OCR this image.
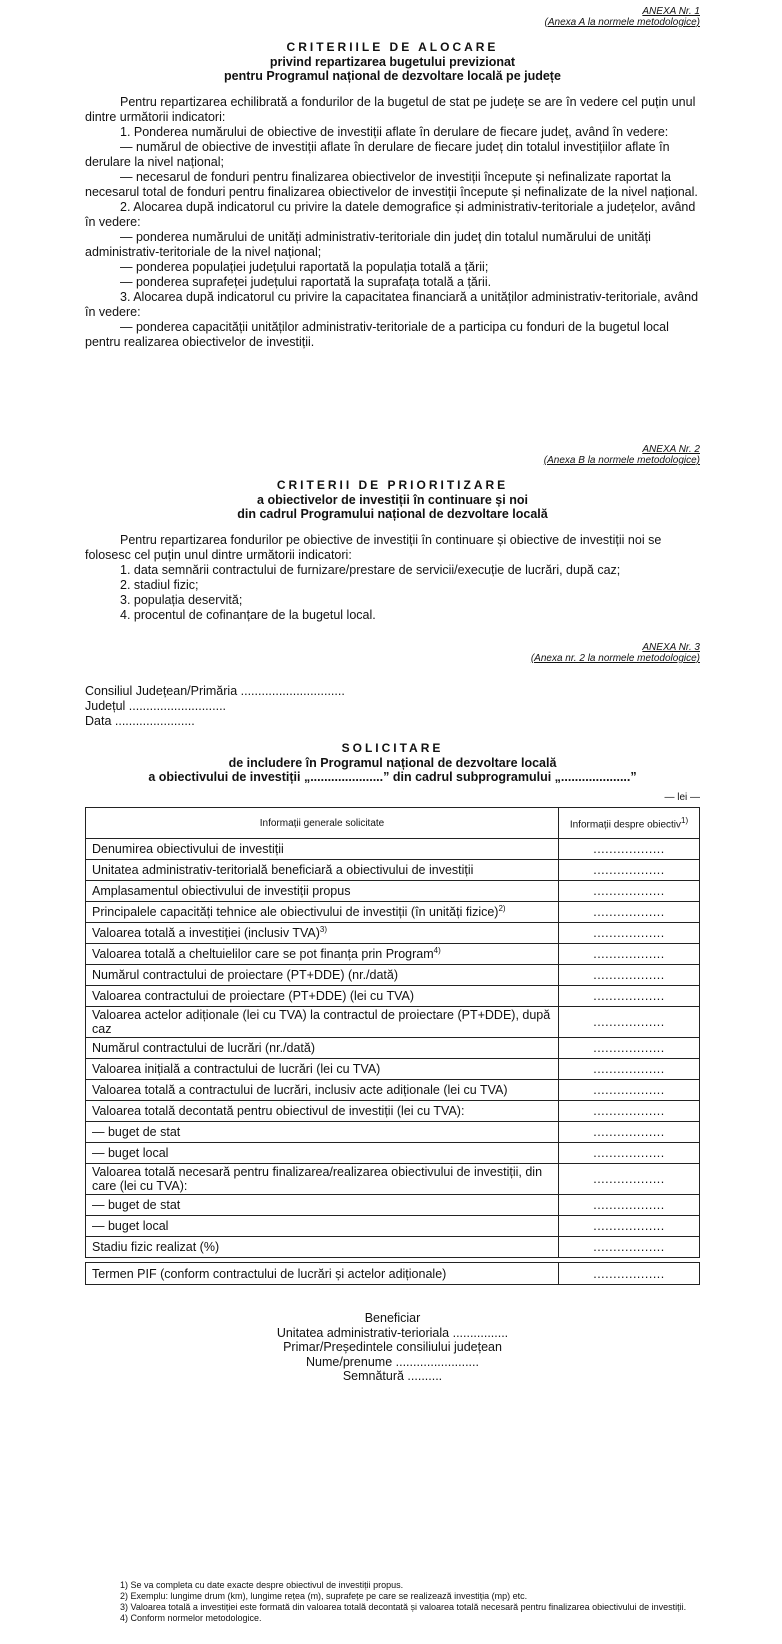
ANEXA Nr. 1
(Anexa A la normele metodologice)
CRITERIILE DE ALOCARE
privind repartizarea bugetului previzionat
pentru Programul național de dezvoltare locală pe județe

Pentru repartizarea echilibrată a fondurilor de la bugetul de stat pe județe se are în vedere cel puțin unul dintre următorii indicatori:

1. Ponderea numărului de obiective de investiții aflate în derulare de fiecare județ, având în vedere:

— numărul de obiective de investiții aflate în derulare de fiecare județ din totalul investițiilor aflate în derulare la nivel național;

— necesarul de fonduri pentru finalizarea obiectivelor de investiții începute și nefinalizate raportat la necesarul total de fonduri pentru finalizarea obiectivelor de investiții începute și nefinalizate de la nivel național.

2. Alocarea după indicatorul cu privire la datele demografice și administrativ-teritoriale a județelor, având în vedere:

— ponderea numărului de unități administrativ-teritoriale din județ din totalul numărului de unități administrativ-teritoriale de la nivel național;

— ponderea populației județului raportată la populația totală a țării;

— ponderea suprafeței județului raportată la suprafața totală a țării.

3. Alocarea după indicatorul cu privire la capacitatea financiară a unităților administrativ-teritoriale, având în vedere:

— ponderea capacității unităților administrativ-teritoriale de a participa cu fonduri de la bugetul local pentru realizarea obiectivelor de investiții.

ANEXA Nr. 2
(Anexa B la normele metodologice)
CRITERII DE PRIORITIZARE
a obiectivelor de investiții în continuare și noi
din cadrul Programului național de dezvoltare locală

Pentru repartizarea fondurilor pe obiective de investiții în continuare și obiective de investiții noi se folosesc cel puțin unul dintre următorii indicatori:

1. data semnării contractului de furnizare/prestare de servicii/execuție de lucrări, după caz;

2. stadiul fizic;

3. populația deservită;

4. procentul de cofinanțare de la bugetul local.

ANEXA Nr. 3
(Anexa nr. 2 la normele metodologice)
Consiliul Județean/Primăria ..............................
Județul ............................
Data .......................
SOLICITARE
de includere în Programul național de dezvoltare locală
a obiectivului de investiții „.....................” din cadrul subprogramului „....................”
— lei —
Informații generale solicitate	Informații despre obiectiv$^{1)}$
Denumirea obiectivului de investiții	..................
Unitatea administrativ-teritorială beneficiară a obiectivului de investiții	..................
Amplasamentul obiectivului de investiții propus	..................
Principalele capacități tehnice ale obiectivului de investiții (în unități fizice)$^{2)}$	..................
Valoarea totală a investiției (inclusiv TVA)$^{3)}$	..................
Valoarea totală a cheltuielilor care se pot finanța prin Program$^{4)}$	..................
Numărul contractului de proiectare (PT+DDE) (nr./dată)	..................
Valoarea contractului de proiectare (PT+DDE) (lei cu TVA)	..................
Valoarea actelor adiționale (lei cu TVA) la contractul de proiectare (PT+DDE), după caz	..................
Numărul contractului de lucrări (nr./dată)	..................
Valoarea inițială a contractului de lucrări (lei cu TVA)	..................
Valoarea totală a contractului de lucrări, inclusiv acte adiționale (lei cu TVA)	..................
Valoarea totală decontată pentru obiectivul de investiții (lei cu TVA):	..................
— buget de stat	..................
— buget local	..................
Valoarea totală necesară pentru finalizarea/realizarea obiectivului de investiții, din care (lei cu TVA):	..................
— buget de stat	..................
— buget local	..................
Stadiu fizic realizat (%)	..................
Termen PIF (conform contractului de lucrări și actelor adiționale)	..................
Beneficiar
Unitatea administrativ-terioriala ................
Primar/Președintele consiliului județean
Nume/prenume ........................
Semnătură ..........
1) Se va completa cu date exacte despre obiectivul de investiții propus.
2) Exemplu: lungime drum (km), lungime rețea (m), suprafețe pe care se realizează investiția (mp) etc.
3) Valoarea totală a investiției este formată din valoarea totală decontată și valoarea totală necesară pentru finalizarea obiectivului de investiții.
4) Conform normelor metodologice.
